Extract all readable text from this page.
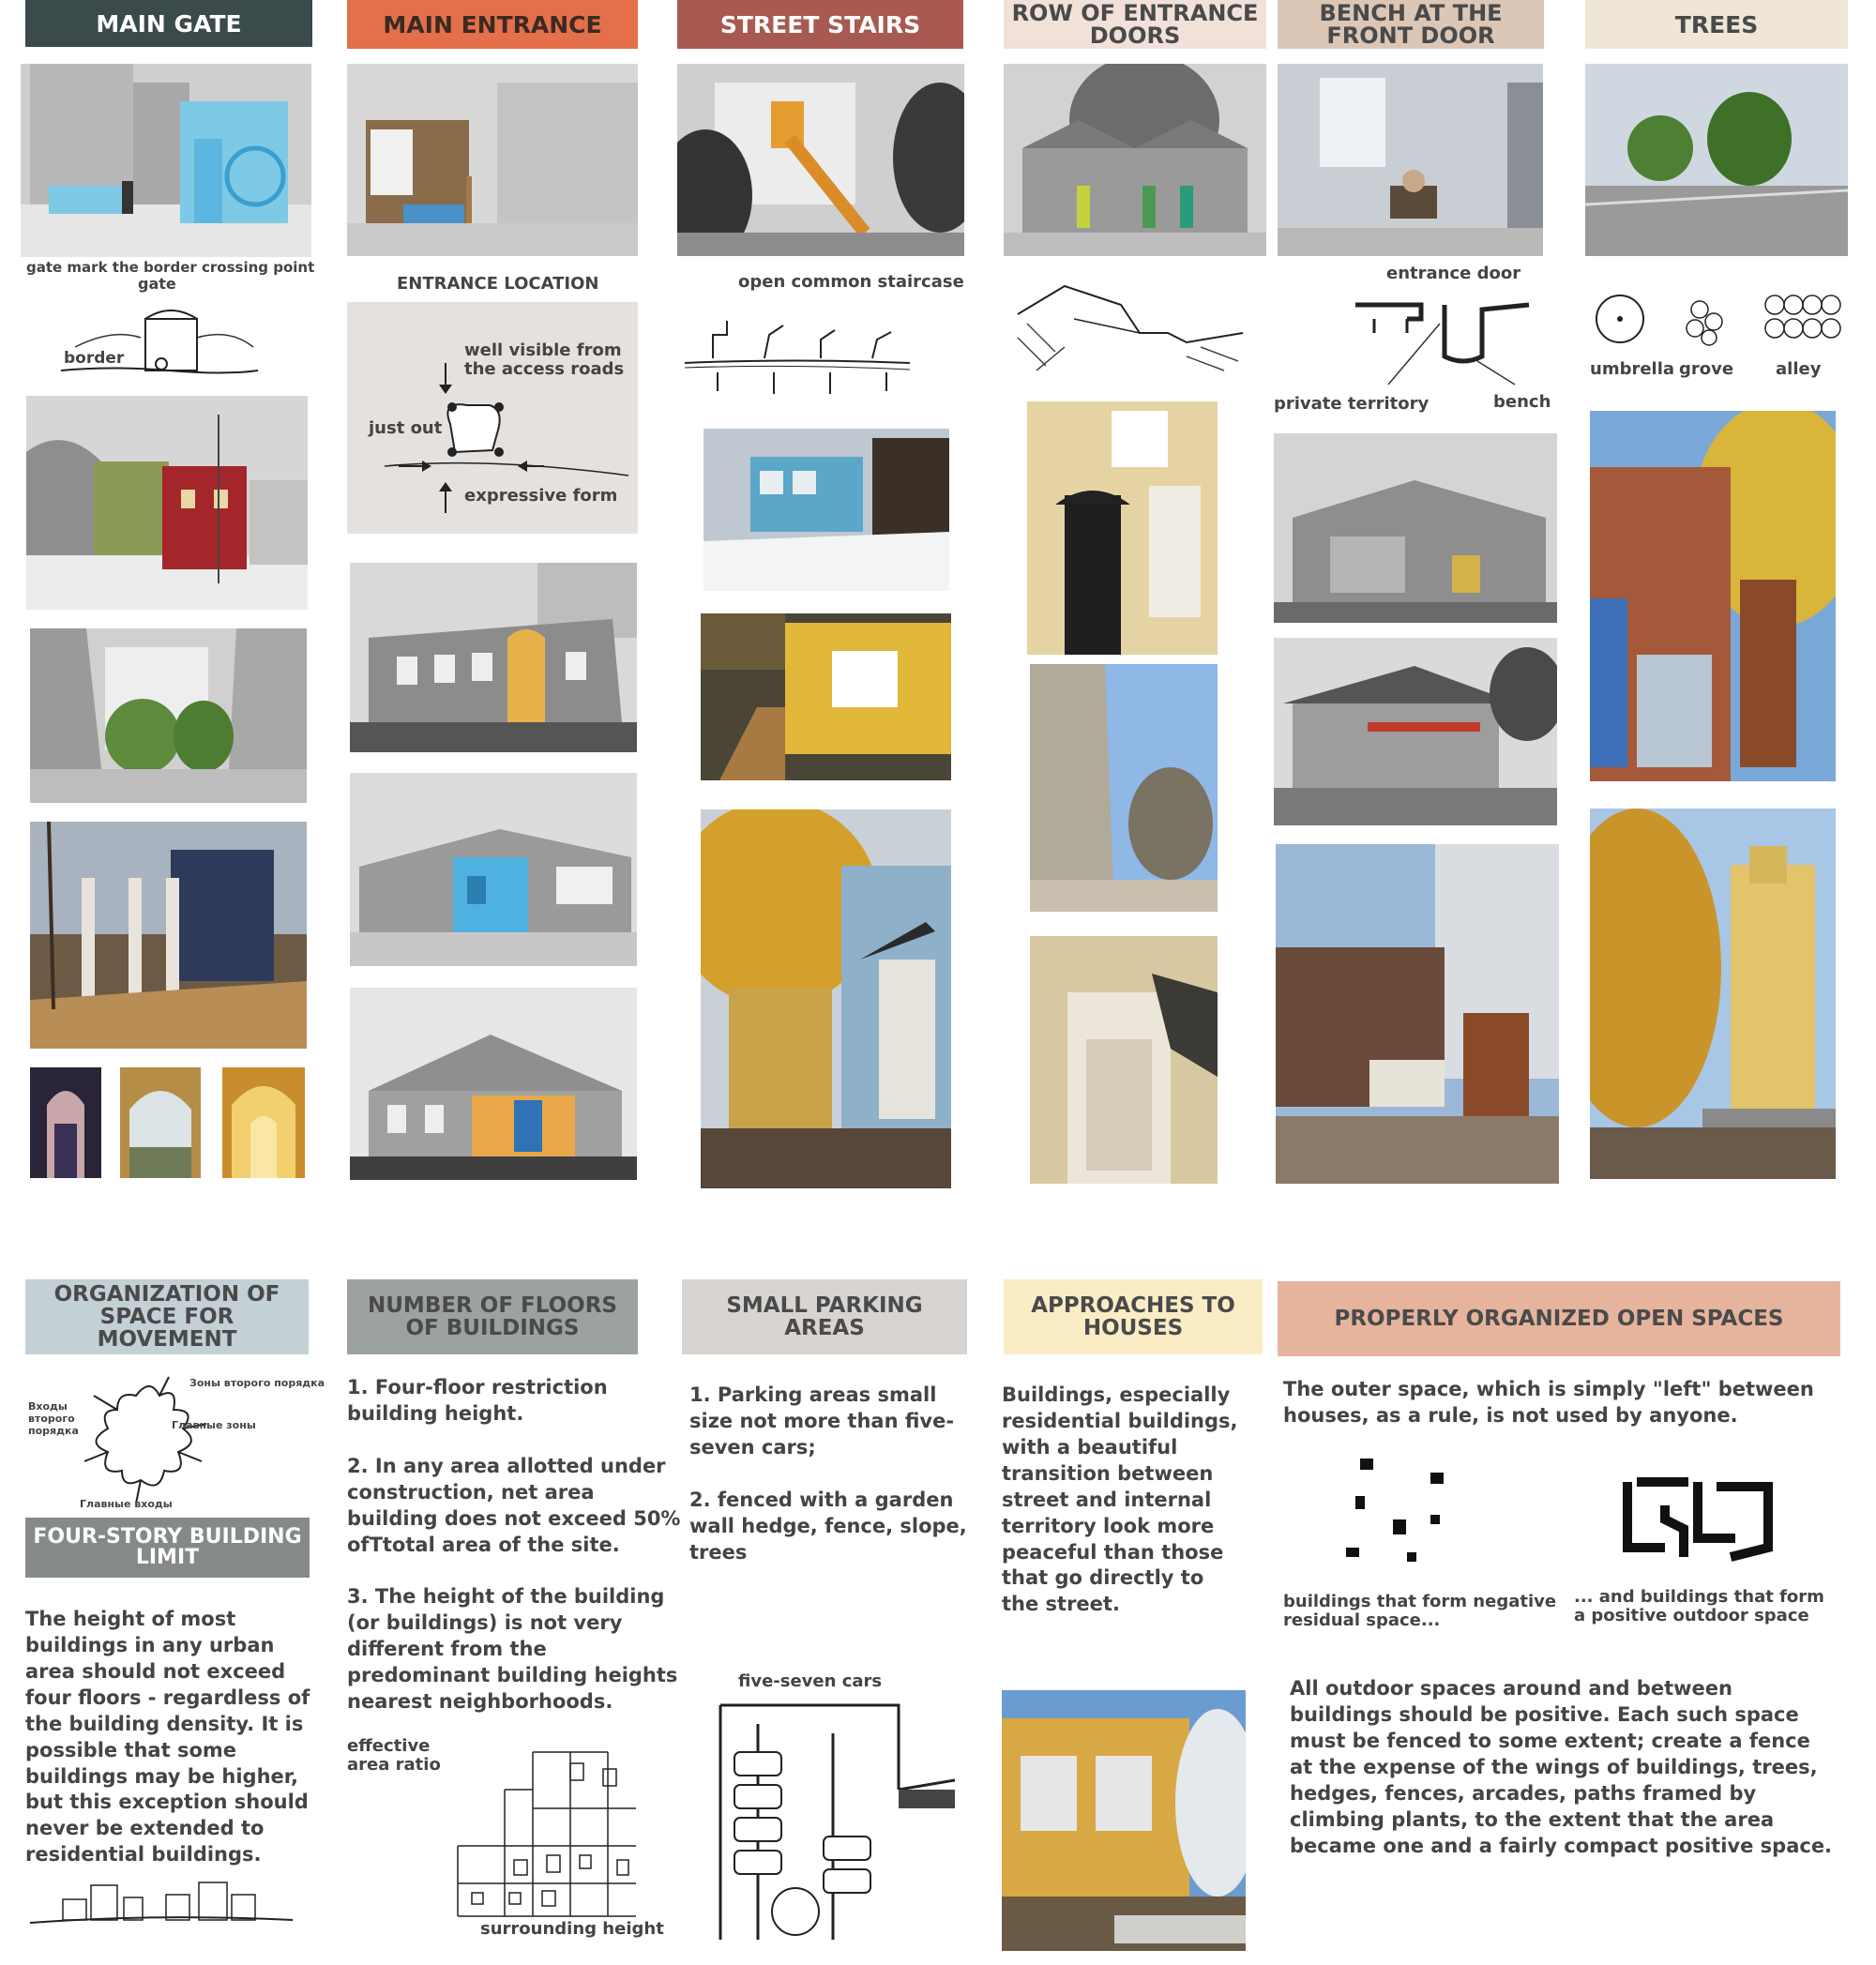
MAIN GATE	MAIN ENTRANCE	STREET STAIRS	ROW OF ENTRANCE DOORS
BENCH AT THE FRONT DOOR	TREES
gate mark the border crossing point
gate
border
ENTRANCE LOCATION
well visible from the access roads
just out
expressive form
open common staircase	entrance door
private territory	bench
umbrella grove alley
ORGANIZATION OF SPACE FOR MOVEMENT
NUMBER OF FLOORS OF BUILDINGS
SMALL PARKING AREAS
APPROACHES TO HOUSES	PROPERLY ORGANIZED OPEN SPACES
Входы второго порядка
Зоны второго порядка
Главные зоны
Главные входы
FOUR-STORY BUILDING LIMIT
The height of most buildings in any urban area should not exceed four floors - regardless of the building density. It is possible that some buildings may be higher, but this exception should never be extended to residential buildings.
1. Four-floor restriction building height.

2. In any area allotted under construction, net area building does not exceed 50% ofTtotal area of the site.

3. The height of the building (or buildings) is not very different from the predominant building heights nearest neighborhoods.
effective area ratio
surrounding height
1. Parking areas small size not more than five-seven cars;

2. fenced with a garden wall hedge, fence, slope, trees
five-seven cars
Buildings, especially residential buildings, with a beautiful transition between street and internal territory look more peaceful than those that go directly to the street.
The outer space, which is simply "left" between houses, as a rule, is not used by anyone.
buildings that form negative residual space...
... and buildings that form a positive outdoor space
All outdoor spaces around and between buildings should be positive. Each such space must be fenced to some extent; create a fence at the expense of the wings of buildings, trees, hedges, fences, arcades, paths framed by climbing plants, to the extent that the area became one and a fairly compact positive space.
